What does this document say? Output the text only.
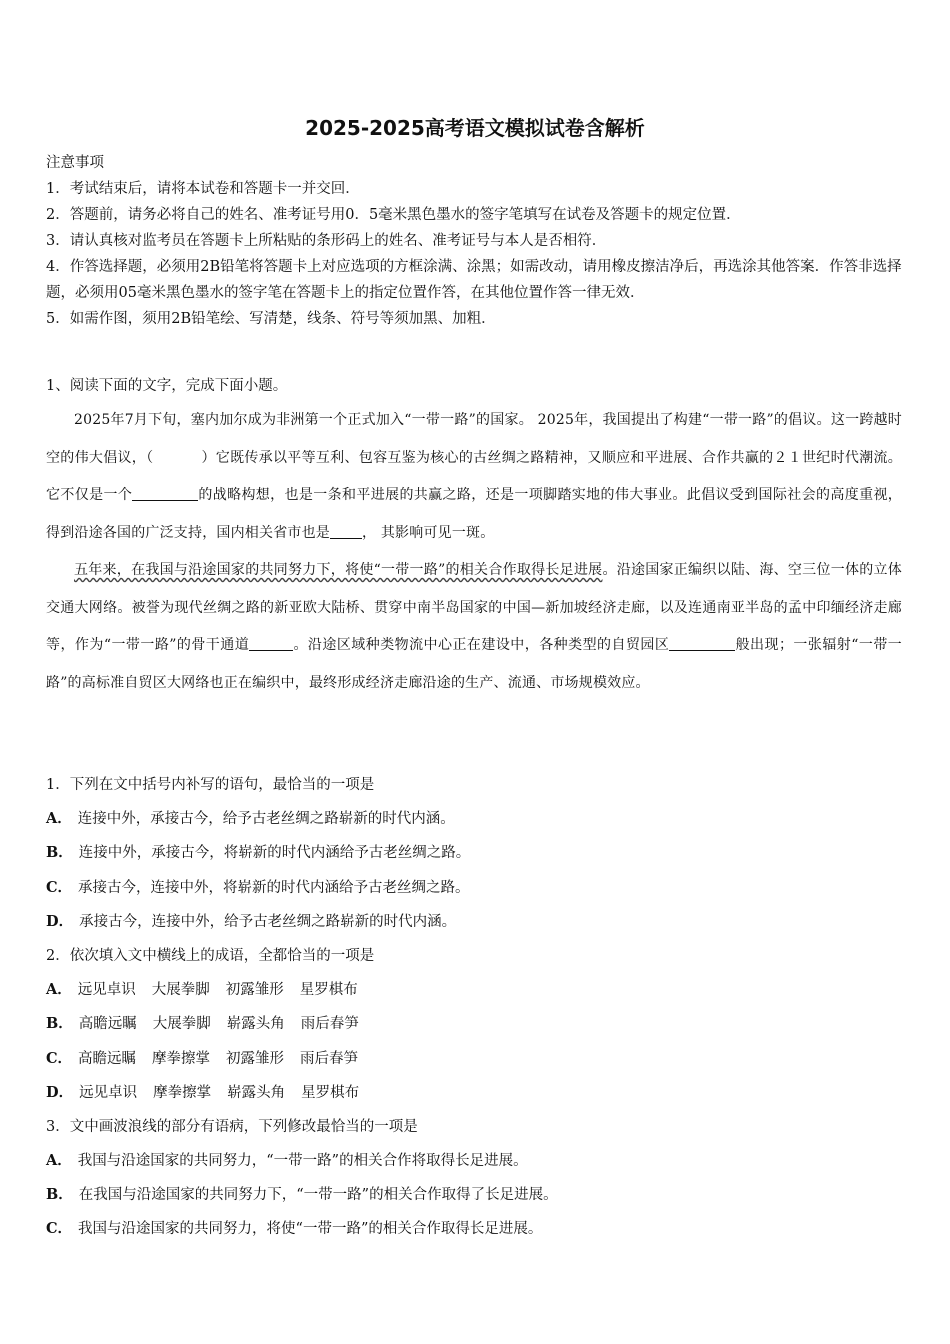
2025-2025高考语文模拟试卷含解析

注意事项

1．考试结束后，请将本试卷和答题卡一并交回．

2．答题前，请务必将自己的姓名、准考证号用0．5毫米黑色墨水的签字笔填写在试卷及答题卡的规定位置．

3．请认真核对监考员在答题卡上所粘贴的条形码上的姓名、准考证号与本人是否相符．

4．作答选择题，必须用2B铅笔将答题卡上对应选项的方框涂满、涂黑；如需改动，请用橡皮擦洁净后，再选涂其他答案．作答非选择题，必须用05毫米黑色墨水的签字笔在答题卡上的指定位置作答，在其他位置作答一律无效．

5．如需作图，须用2B铅笔绘、写清楚，线条、符号等须加黑、加粗．

1、阅读下面的文字，完成下面小题。

2025年7月下旬，塞内加尔成为非洲第一个正式加入“一带一路”的国家。 2025年，我国提出了构建“一带一路”的倡议。这一跨越时空的伟大倡议，（	）它既传承以平等互利、包容互鉴为核心的古丝绸之路精神，又顺应和平进展、合作共赢的２１世纪时代潮流。它不仅是一个	的战略构想，也是一条和平进展的共赢之路，还是一项脚踏实地的伟大事业。此倡议受到国际社会的高度重视，得到沿途各国的广泛支持，国内相关省市也是 ， 其影响可见一斑。

五年来，在我国与沿途国家的共同努力下，将使“一带一路”的相关合作取得长足进展。沿途国家正编织以陆、海、空三位一体的立体交通大网络。被誉为现代丝绸之路的新亚欧大陆桥、贯穿中南半岛国家的中国—新加坡经济走廊，以及连通南亚半岛的孟中印缅经济走廊等，作为“一带一路”的骨干通道	。沿途区域种类物流中心正在建设中，各种类型的自贸园区	般出现；一张辐射“一带一路”的高标准自贸区大网络也正在编织中，最终形成经济走廊沿途的生产、流通、市场规模效应。

1．下列在文中括号内补写的语句，最恰当的一项是
A． 连接中外，承接古今，给予古老丝绸之路崭新的时代内涵。
B． 连接中外，承接古今，将崭新的时代内涵给予古老丝绸之路。
C． 承接古今，连接中外，将崭新的时代内涵给予古老丝绸之路。
D． 承接古今，连接中外，给予古老丝绸之路崭新的时代内涵。
2．依次填入文中横线上的成语，全都恰当的一项是
A． 远见卓识 大展拳脚 初露雏形 星罗棋布
B． 高瞻远瞩 大展拳脚 崭露头角 雨后春笋
C． 高瞻远瞩 摩拳擦掌 初露雏形 雨后春笋
D． 远见卓识 摩拳擦掌 崭露头角 星罗棋布
3．文中画波浪线的部分有语病，下列修改最恰当的一项是
A． 我国与沿途国家的共同努力，“一带一路”的相关合作将取得长足进展。
B． 在我国与沿途国家的共同努力下，“一带一路”的相关合作取得了长足进展。
C． 我国与沿途国家的共同努力，将使“一带一路”的相关合作取得长足进展。
